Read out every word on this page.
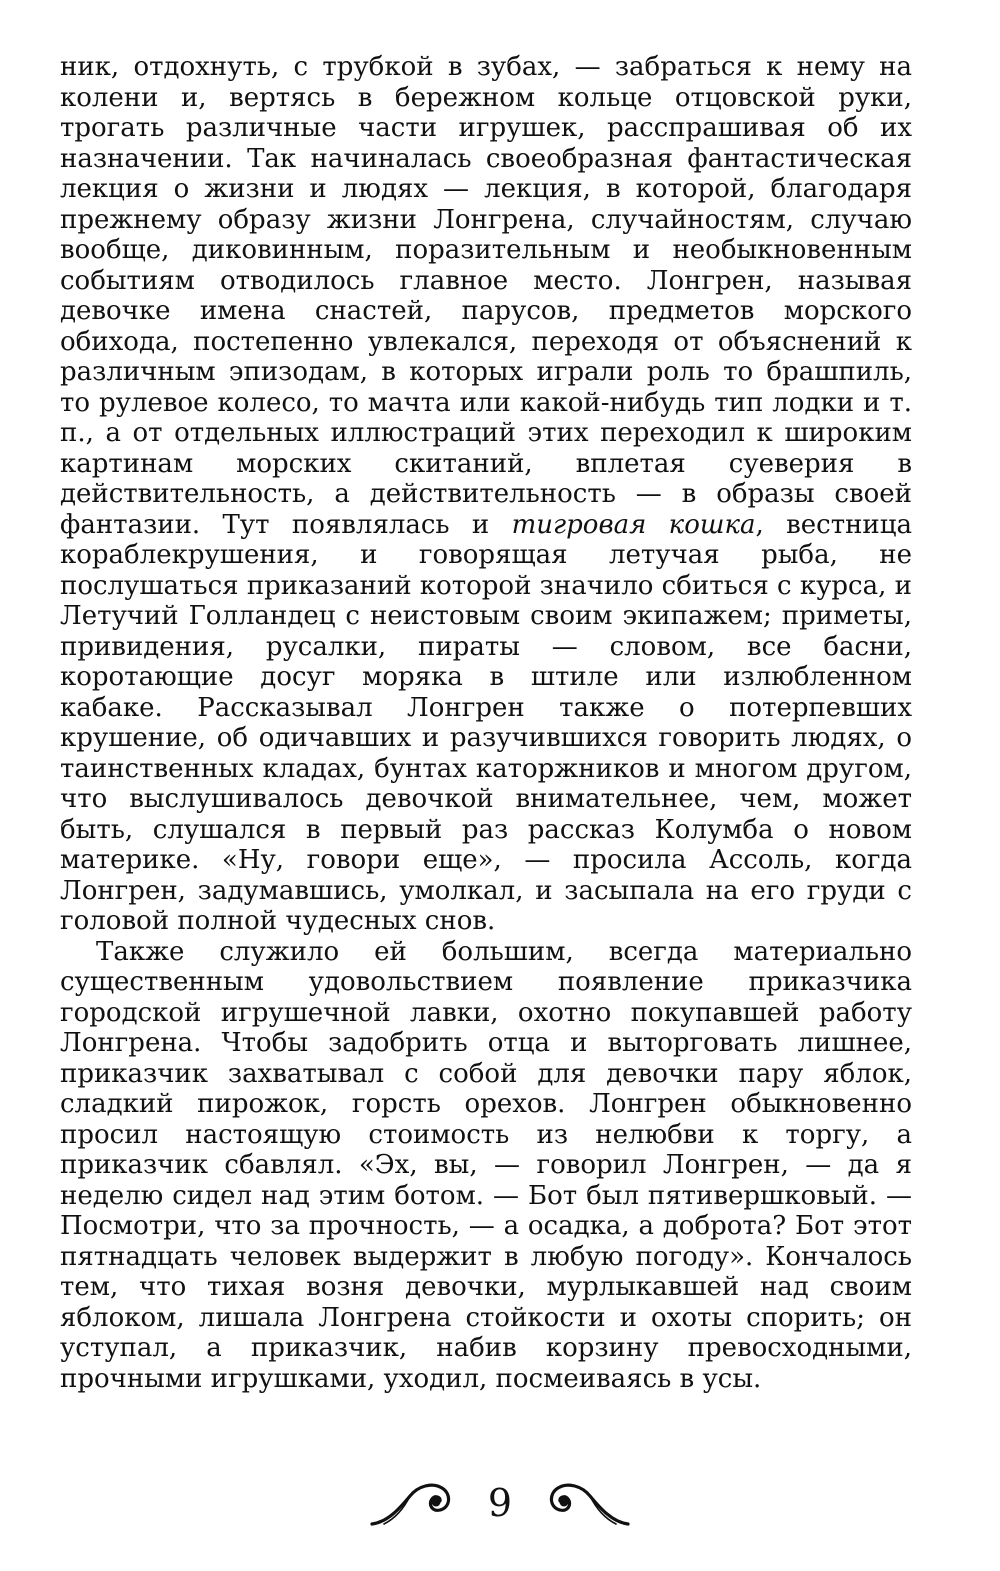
ник, отдохнуть, с трубкой в зубах, — забраться к нему на колени и, вертясь в бережном кольце отцовской руки, трогать различные части игрушек, расспрашивая об их назначении. Так начиналась своеобразная фантастическая лекция о жизни и людях — лекция, в которой, благодаря прежнему образу жизни Лонгрена, случайностям, случаю вообще, диковинным, поразительным и необыкновенным событиям отводилось главное место. Лонгрен, называя девочке имена снастей, парусов, предметов морского обихода, постепенно увлекался, переходя от объяснений к различным эпизодам, в которых играли роль то брашпиль, то рулевое колесо, то мачта или какой-нибудь тип лодки и т. п., а от отдельных иллюстраций этих переходил к широким картинам морских скитаний, вплетая суеверия в действительность, а действительность — в образы своей фантазии. Тут появлялась и тигровая кошка, вестница кораблекрушения, и говорящая летучая рыба, не послушаться приказаний которой значило сбиться с курса, и Летучий Голландец с неистовым своим экипажем; приметы, привидения, русалки, пираты — словом, все басни, коротающие досуг моряка в штиле или излюбленном кабаке. Рассказывал Лонгрен также о потерпевших крушение, об одичавших и разучившихся говорить людях, о таинственных кладах, бунтах каторжников и многом другом, что выслушивалось девочкой внимательнее, чем, может быть, слушался в первый раз рассказ Колумба о новом материке. «Ну, говори еще», — просила Ассоль, когда Лонгрен, задумавшись, умолкал, и засыпала на его груди с головой полной чудесных снов.

Также служило ей большим, всегда материально существенным удовольствием появление приказчика городской игрушечной лавки, охотно покупавшей работу Лонгрена. Чтобы задобрить отца и выторговать лишнее, приказчик захватывал с собой для девочки пару яблок, сладкий пирожок, горсть орехов. Лонгрен обыкновенно просил настоящую стоимость из нелюбви к торгу, а приказчик сбавлял. «Эх, вы, — говорил Лонгрен, — да я неделю сидел над этим ботом. — Бот был пятивершковый. — Посмотри, что за прочность, — а осадка, а доброта? Бот этот пятнадцать человек выдержит в любую погоду». Кончалось тем, что тихая возня девочки, мурлыкавшей над своим яблоком, лишала Лонгрена стойкости и охоты спорить; он уступал, а приказчик, набив корзину превосходными, прочными игрушками, уходил, посмеиваясь в усы.

9
